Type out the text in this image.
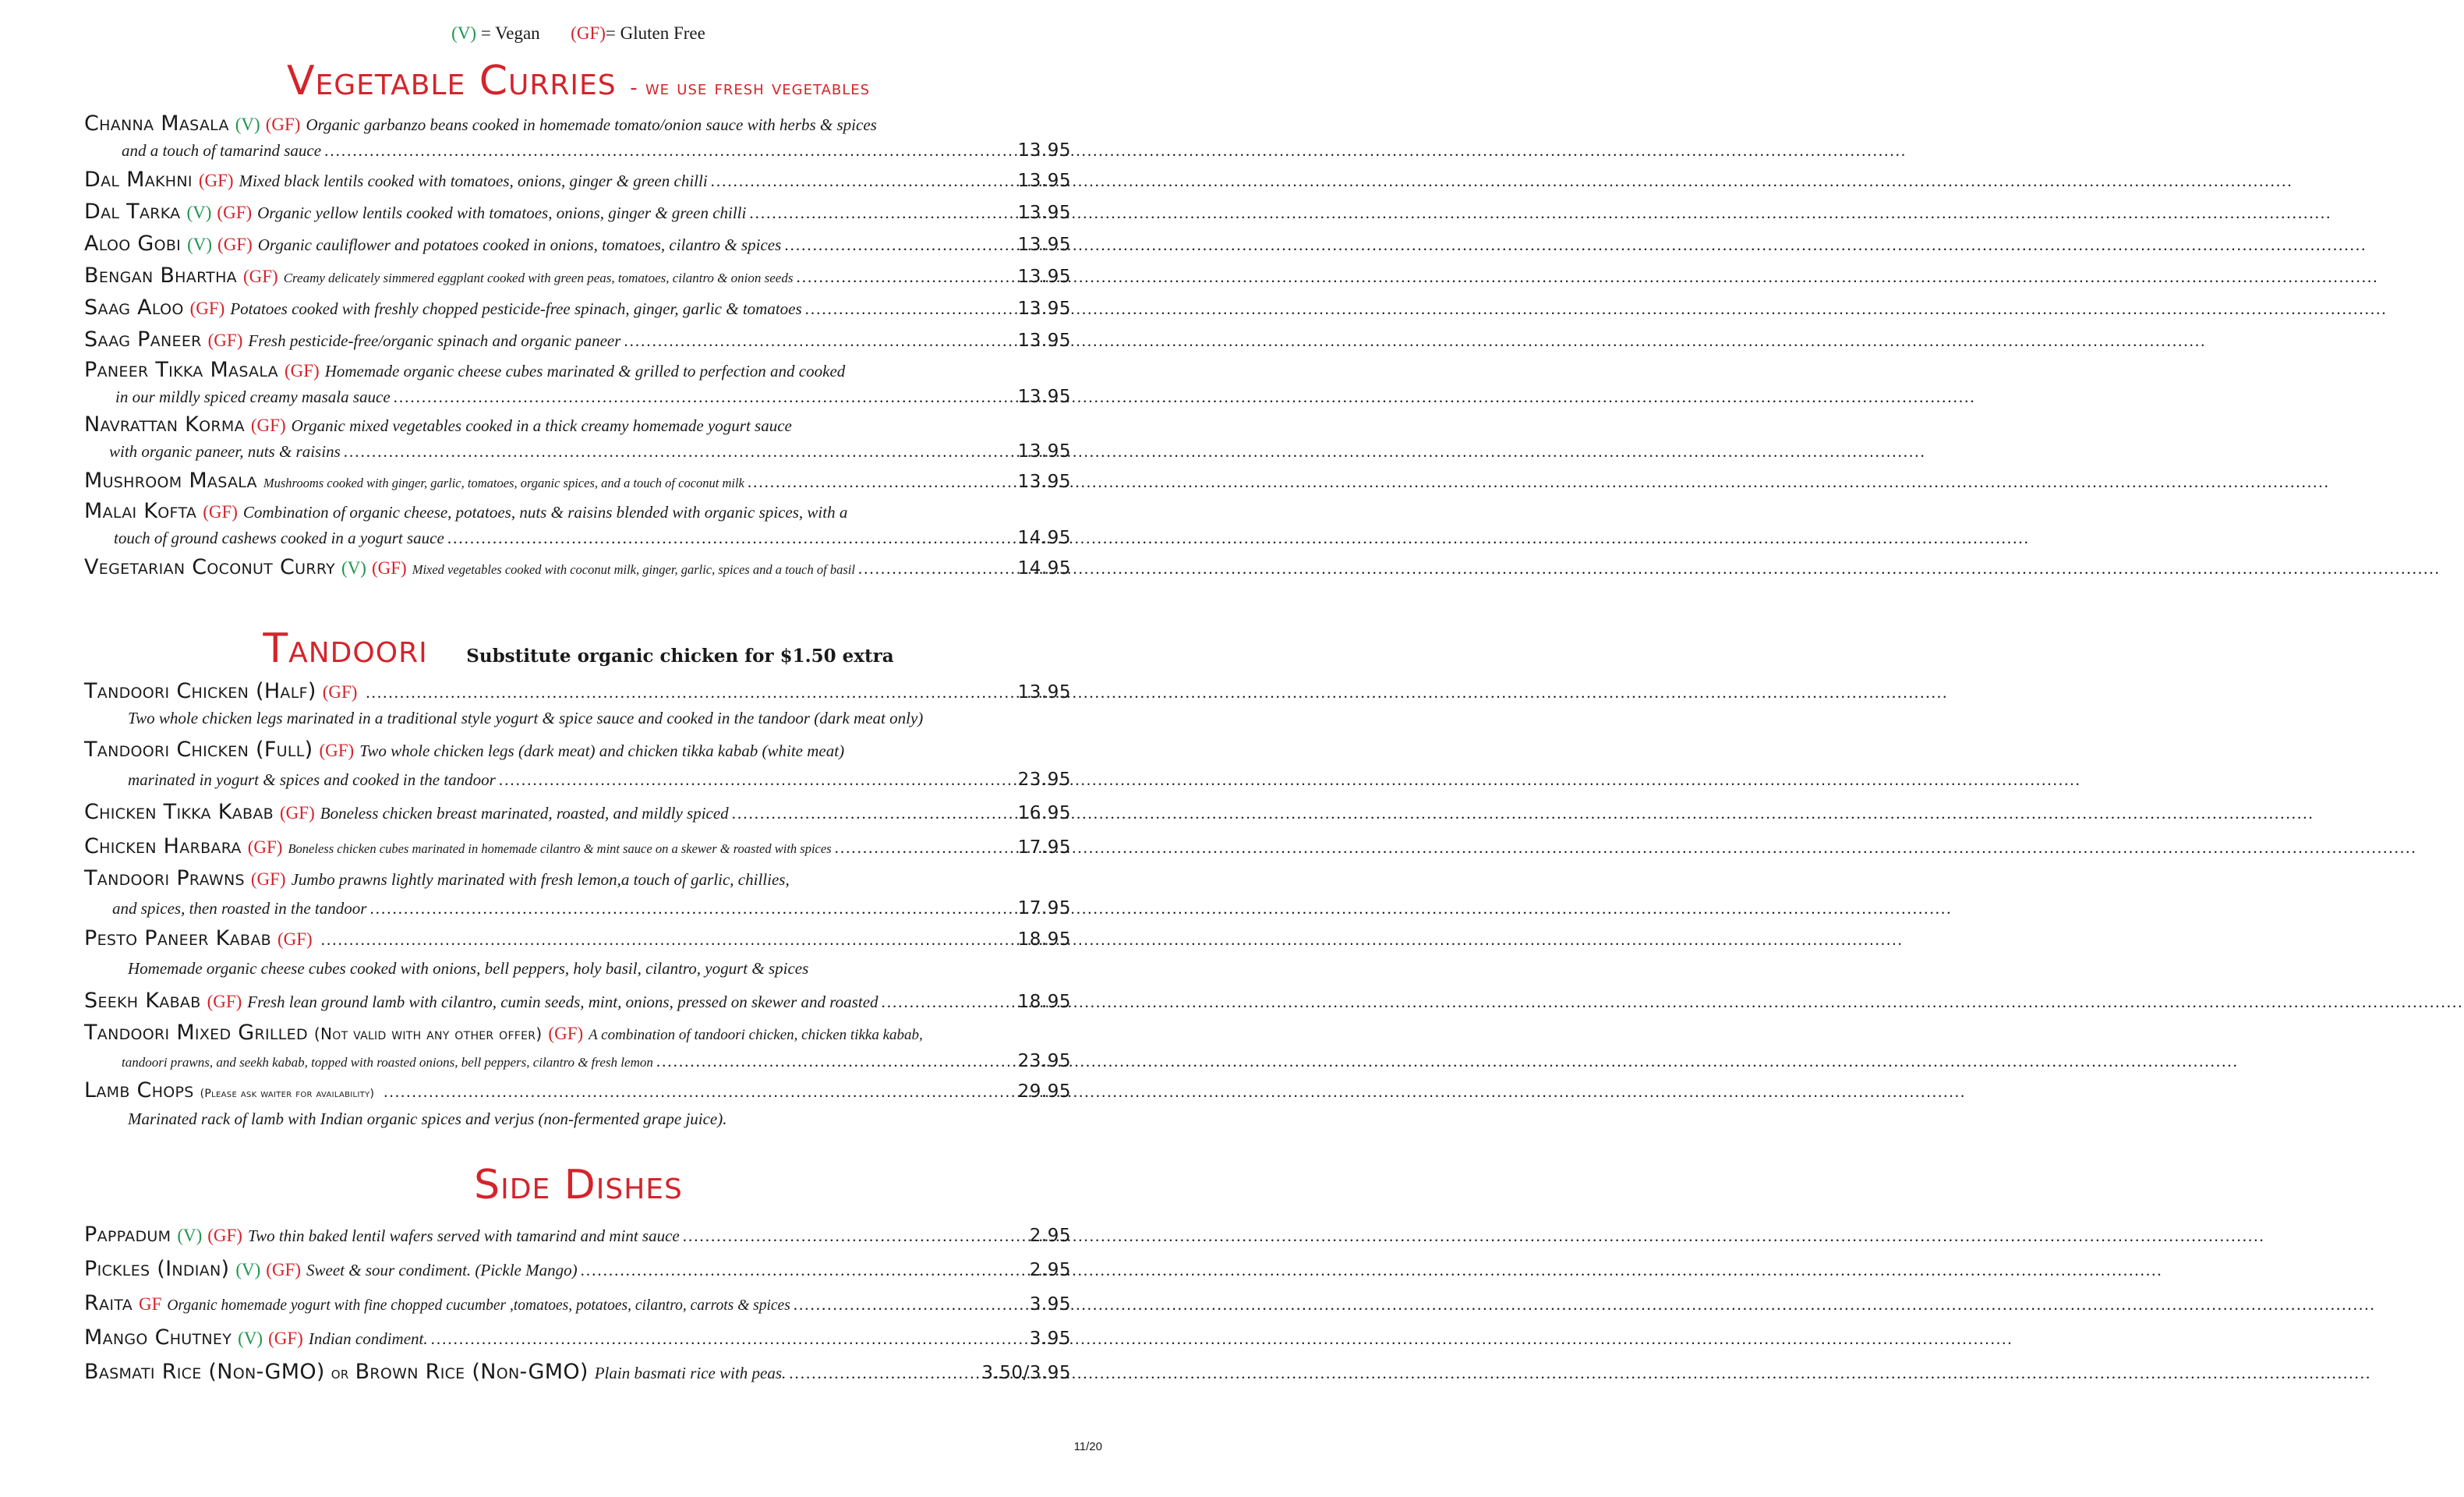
(V) = Vegan (GF)= Gluten Free
Vegetable Curries - we use fresh vegetables
Channa Masala (V) (GF) Organic garbanzo beans cooked in homemade tomato/onion sauce with herbs & spices
and a touch of tamarind sauce .....	13.95
Dal Makhni (GF) Mixed black lentils cooked with tomatoes, onions, ginger & green chilli .....	13.95
Dal Tarka (V) (GF) Organic yellow lentils cooked with tomatoes, onions, ginger & green chilli .....	13.95
Aloo Gobi (V) (GF) Organic cauliflower and potatoes cooked in onions, tomatoes, cilantro & spices .....	13.95
Bengan Bhartha (GF) Creamy delicately simmered eggplant cooked with green peas, tomatoes, cilantro & onion seeds .....	13.95
Saag Aloo (GF) Potatoes cooked with freshly chopped pesticide-free spinach, ginger, garlic & tomatoes .....	13.95
Saag Paneer (GF) Fresh pesticide-free/organic spinach and organic paneer .....	13.95
Paneer Tikka Masala (GF) Homemade organic cheese cubes marinated & grilled to perfection and cooked
in our mildly spiced creamy masala sauce .....	13.95
Navrattan Korma (GF) Organic mixed vegetables cooked in a thick creamy homemade yogurt sauce
with organic paneer, nuts & raisins .....	13.95
Mushroom Masala Mushrooms cooked with ginger, garlic, tomatoes, organic spices, and a touch of coconut milk .....	13.95
Malai Kofta (GF) Combination of organic cheese, potatoes, nuts & raisins blended with organic spices, with a
touch of ground cashews cooked in a yogurt sauce .....	14.95
Vegetarian Coconut Curry (V) (GF) Mixed vegetables cooked with coconut milk, ginger, garlic, spices and a touch of basil .....	14.95
Tandoori Substitute organic chicken for $1.50 extra
Tandoori Chicken (Half) (GF) .....	13.95
Two whole chicken legs marinated in a traditional style yogurt & spice sauce and cooked in the tandoor (dark meat only)
Tandoori Chicken (Full) (GF) Two whole chicken legs (dark meat) and chicken tikka kabab (white meat)
marinated in yogurt & spices and cooked in the tandoor .....	23.95
Chicken Tikka Kabab (GF) Boneless chicken breast marinated, roasted, and mildly spiced .....	16.95
Chicken Harbara (GF) Boneless chicken cubes marinated in homemade cilantro & mint sauce on a skewer & roasted with spices .....	17.95
Tandoori Prawns (GF) Jumbo prawns lightly marinated with fresh lemon,a touch of garlic, chillies,
and spices, then roasted in the tandoor .....	17.95
Pesto Paneer Kabab (GF) .....	18.95
Homemade organic cheese cubes cooked with onions, bell peppers, holy basil, cilantro, yogurt & spices
Seekh Kabab (GF) Fresh lean ground lamb with cilantro, cumin seeds, mint, onions, pressed on skewer and roasted .....	18.95
Tandoori Mixed Grilled (Not valid with any other offer) (GF) A combination of tandoori chicken, chicken tikka kabab,
tandoori prawns, and seekh kabab, topped with roasted onions, bell peppers, cilantro & fresh lemon .....	23.95
Lamb Chops (Please ask waiter for availability) .....	29.95
Marinated rack of lamb with Indian organic spices and verjus (non-fermented grape juice).
Side Dishes
Pappadum (V) (GF) Two thin baked lentil wafers served with tamarind and mint sauce .....	2.95
Pickles (Indian) (V) (GF) Sweet & sour condiment. (Pickle Mango) .....	2.95
Raita GF Organic homemade yogurt with fine chopped cucumber ,tomatoes, potatoes, cilantro, carrots & spices .....	3.95
Mango Chutney (V) (GF) Indian condiment. .....	3.95
Basmati Rice (Non-GMO) or Brown Rice (Non-GMO) Plain basmati rice with peas. .....	3.50/3.95
11/20
